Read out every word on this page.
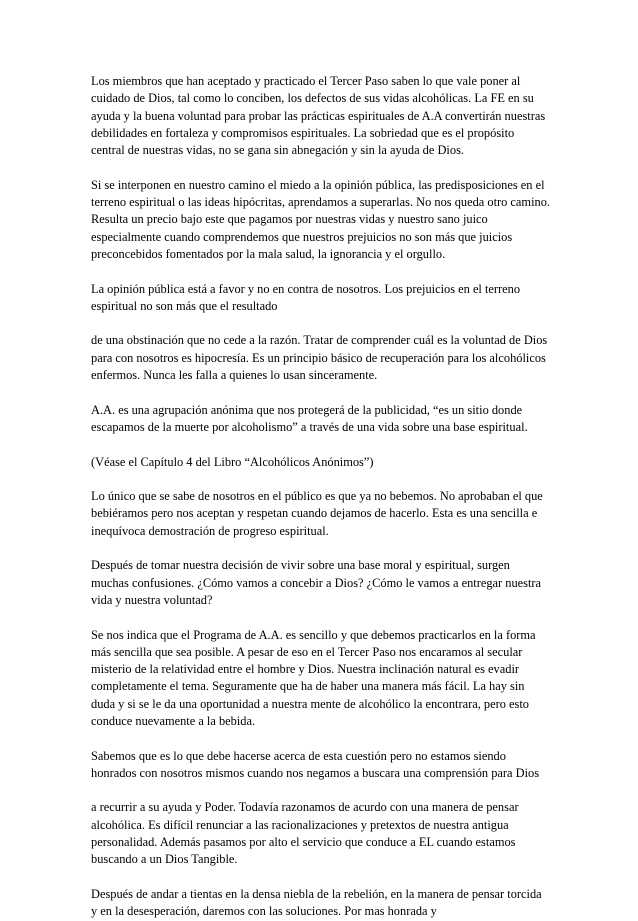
Los miembros que han aceptado y practicado el Tercer Paso saben lo que vale poner al cuidado de Dios, tal como lo conciben, los defectos de sus vidas alcohólicas. La FE en su ayuda y la buena voluntad para probar las prácticas espirituales de A.A convertirán nuestras debilidades en fortaleza y compromisos espirituales. La sobriedad que es el propósito central de nuestras vidas, no se gana sin abnegación y sin la ayuda de Dios.

Si se interponen en nuestro camino el miedo a la opinión pública, las predisposiciones en el terreno espiritual o las ideas hipócritas, aprendamos a superarlas. No nos queda otro camino. Resulta un precio bajo este que pagamos por nuestras vidas y nuestro sano juico especialmente cuando comprendemos que nuestros prejuicios no son más que juicios preconcebidos fomentados por la mala salud, la ignorancia y el orgullo.

La opinión pública está a favor y no en contra de nosotros. Los prejuicios en el terreno espiritual no son más que el resultado

de una obstinación que no cede a la razón. Tratar de comprender cuál es la voluntad de Dios para con nosotros es hipocresía. Es un principio básico de recuperación para los alcohólicos enfermos. Nunca les falla a quienes lo usan sinceramente.

A.A. es una agrupación anónima que nos protegerá de la publicidad, “es un sitio donde escapamos de la muerte por alcoholismo” a través de una vida sobre una base espiritual.

(Véase el Capítulo 4 del Libro “Alcohólicos Anónimos”)

Lo único que se sabe de nosotros en el público es que ya no bebemos. No aprobaban el que bebiéramos pero nos aceptan y respetan cuando dejamos de hacerlo. Esta es una sencilla e inequívoca demostración de progreso espiritual.

Después de tomar nuestra decisión de vivir sobre una base moral y espiritual, surgen muchas confusiones. ¿Cómo vamos a concebir a Dios? ¿Cómo le vamos a entregar nuestra vida y nuestra voluntad?

Se nos indica que el Programa de A.A. es sencillo y que debemos practicarlos en la forma más sencilla que sea posible. A pesar de eso en el Tercer Paso nos encaramos al secular misterio de la relatividad entre el hombre y Dios. Nuestra inclinación natural es evadir completamente el tema. Seguramente que ha de haber una manera más fácil. La hay sin duda y si se le da una oportunidad a nuestra mente de alcohólico la encontrara, pero esto conduce nuevamente a la bebida.

Sabemos que es lo que debe hacerse acerca de esta cuestión pero no estamos siendo honrados con nosotros mismos cuando nos negamos a buscara una comprensión para Dios

a recurrir a su ayuda y Poder. Todavía razonamos de acurdo con una manera de pensar alcohólica. Es difícil renunciar a las racionalizaciones y pretextos de nuestra antigua personalidad. Además pasamos por alto el servicio que conduce a EL cuando estamos buscando a un Dios Tangible.

Después de andar a tientas en la densa niebla de la rebelión, en la manera de pensar torcida y en la desesperación, daremos con las soluciones. Por mas honrada y
